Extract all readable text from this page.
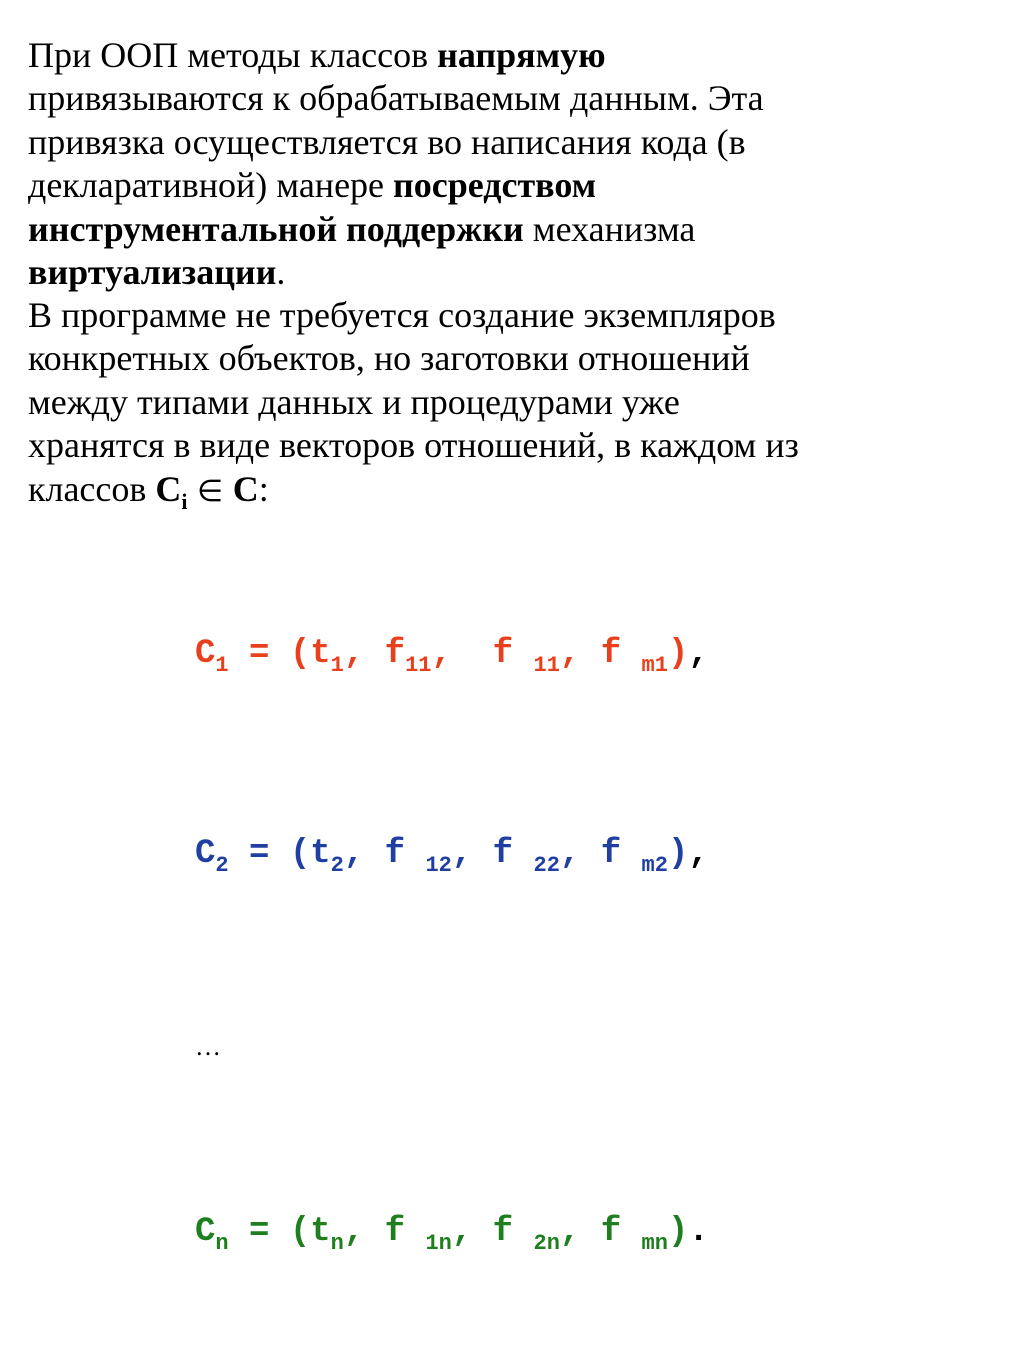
При ООП методы классов напрямую
привязываются к обрабатываемым данным. Эта
привязка осуществляется во написания кода (в
декларативной) манере посредством
инструментальной поддержки механизма
виртуализации.
В программе не требуется создание экземпляров
конкретных объектов, но заготовки отношений
между типами данных и процедурами уже
хранятся в виде векторов отношений, в каждом из
классов $C_i$ ∈ C:

$C_1 = (t_1$, $f_{11}$,  f $_{11}$, f $_{m1}$),

$C_2 = (t_2$, f $_{12}$, f $_{22}$, f $_{m2}$),

…

$C_n = (t_n$, f $_{1n}$, f $_{2n}$, f $_{mn}$).
